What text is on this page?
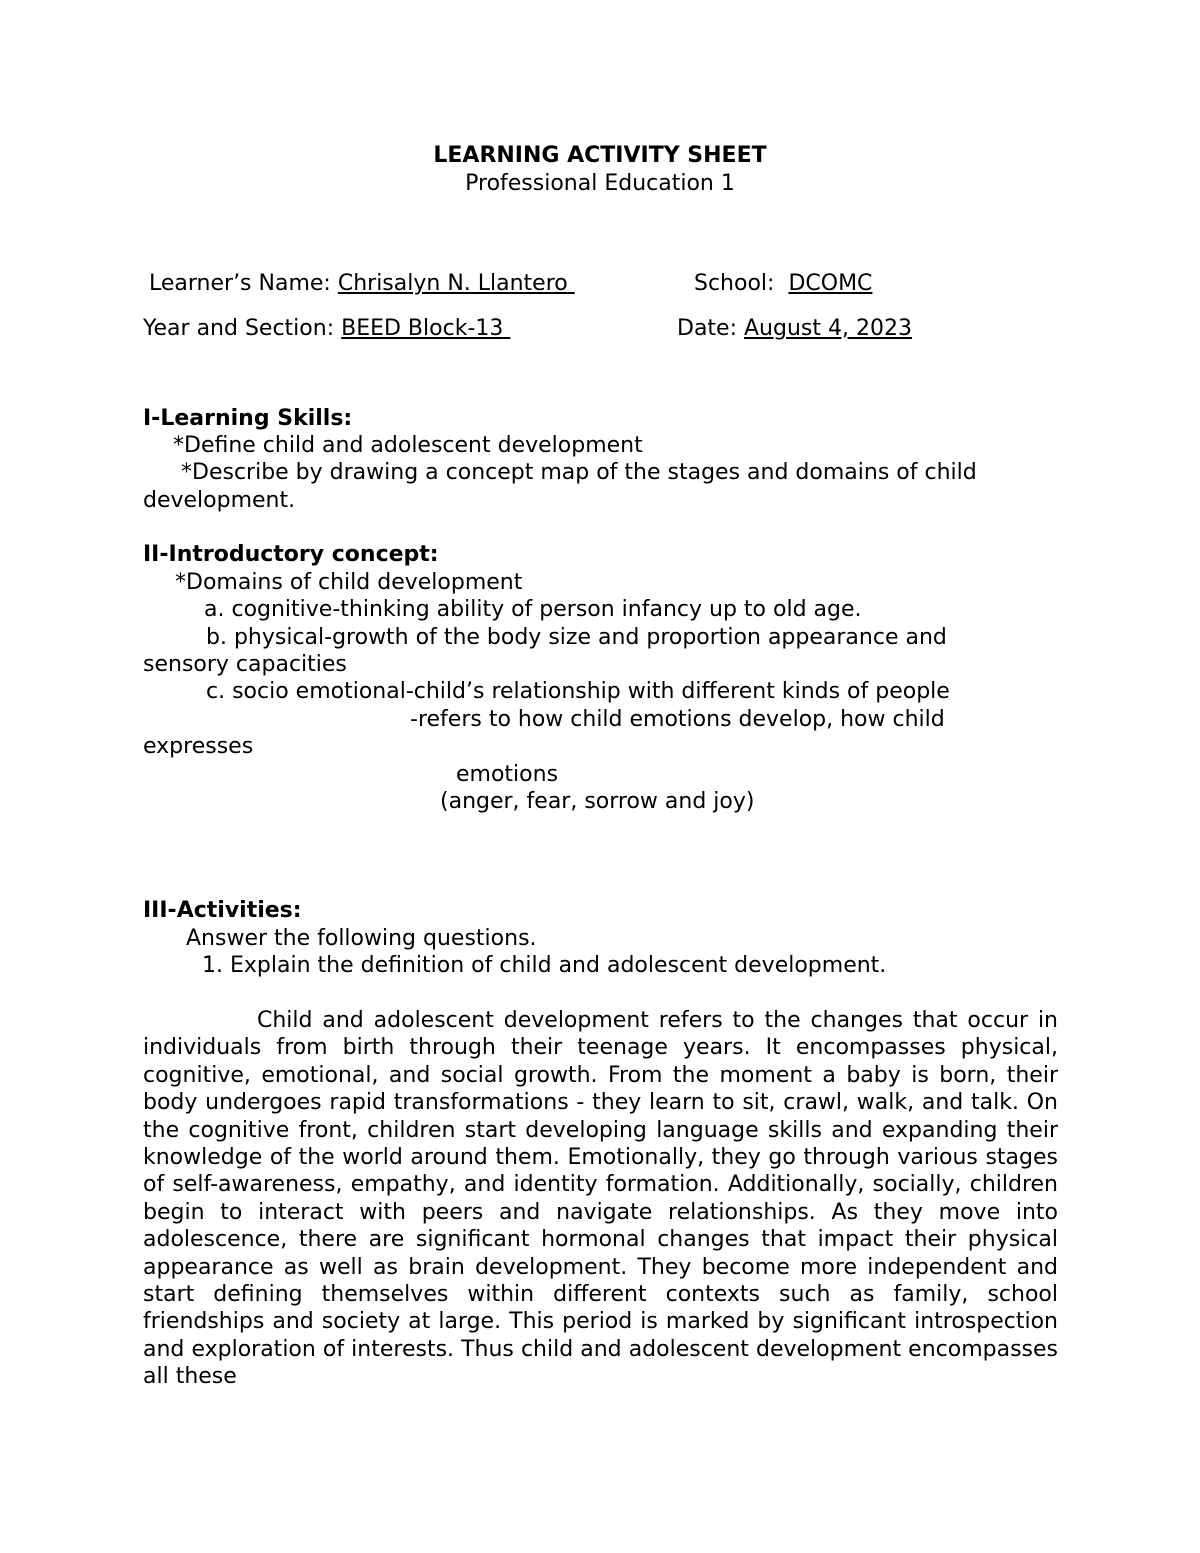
LEARNING ACTIVITY SHEET
Professional Education 1
Learner’s Name: Chrisalyn N. Llantero	School: DCOMC
Year and Section: BEED Block-13	Date: August 4, 2023
I-Learning Skills:
*Define child and adolescent development
*Describe by drawing a concept map of the stages and domains of child
development.
II-Introductory concept:
*Domains of child development
a. cognitive-thinking ability of person infancy up to old age.
b. physical-growth of the body size and proportion appearance and
sensory capacities
c. socio emotional-child’s relationship with different kinds of people
-refers to how child emotions develop, how child
expresses
emotions
(anger, fear, sorrow and joy)
III-Activities:
Answer the following questions.
1. Explain the definition of child and adolescent development.
Child and adolescent development refers to the changes that occur in individuals from birth through their teenage years. It encompasses physical, cognitive, emotional, and social growth. From the moment a baby is born, their body undergoes rapid transformations - they learn to sit, crawl, walk, and talk. On the cognitive front, children start developing language skills and expanding their knowledge of the world around them. Emotionally, they go through various stages of self-awareness, empathy, and identity formation. Additionally, socially, children begin to interact with peers and navigate relationships. As they move into adolescence, there are significant hormonal changes that impact their physical appearance as well as brain development. They become more independent and start defining themselves within different contexts such as family, school friendships and society at large. This period is marked by significant introspection and exploration of interests. Thus child and adolescent development encompasses all these
